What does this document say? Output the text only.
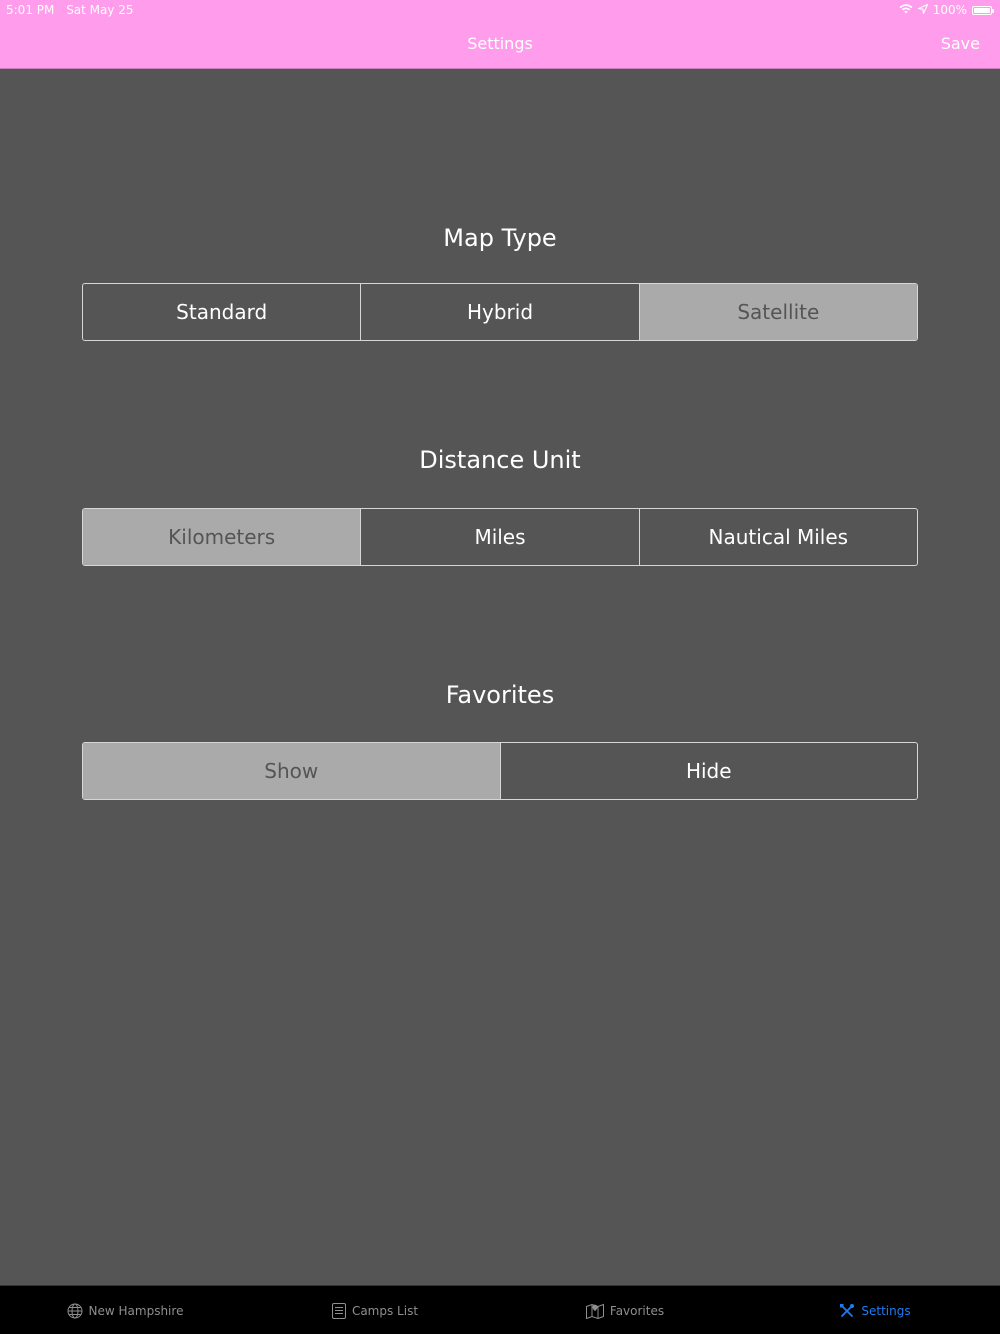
5:01 PM Sat May 25	100%
Settings	Save
Map Type
Standard	Hybrid	Satellite
Distance Unit
Kilometers	Miles	Nautical Miles
Favorites
Show	Hide
New Hampshire	Camps List	Favorites	Settings
